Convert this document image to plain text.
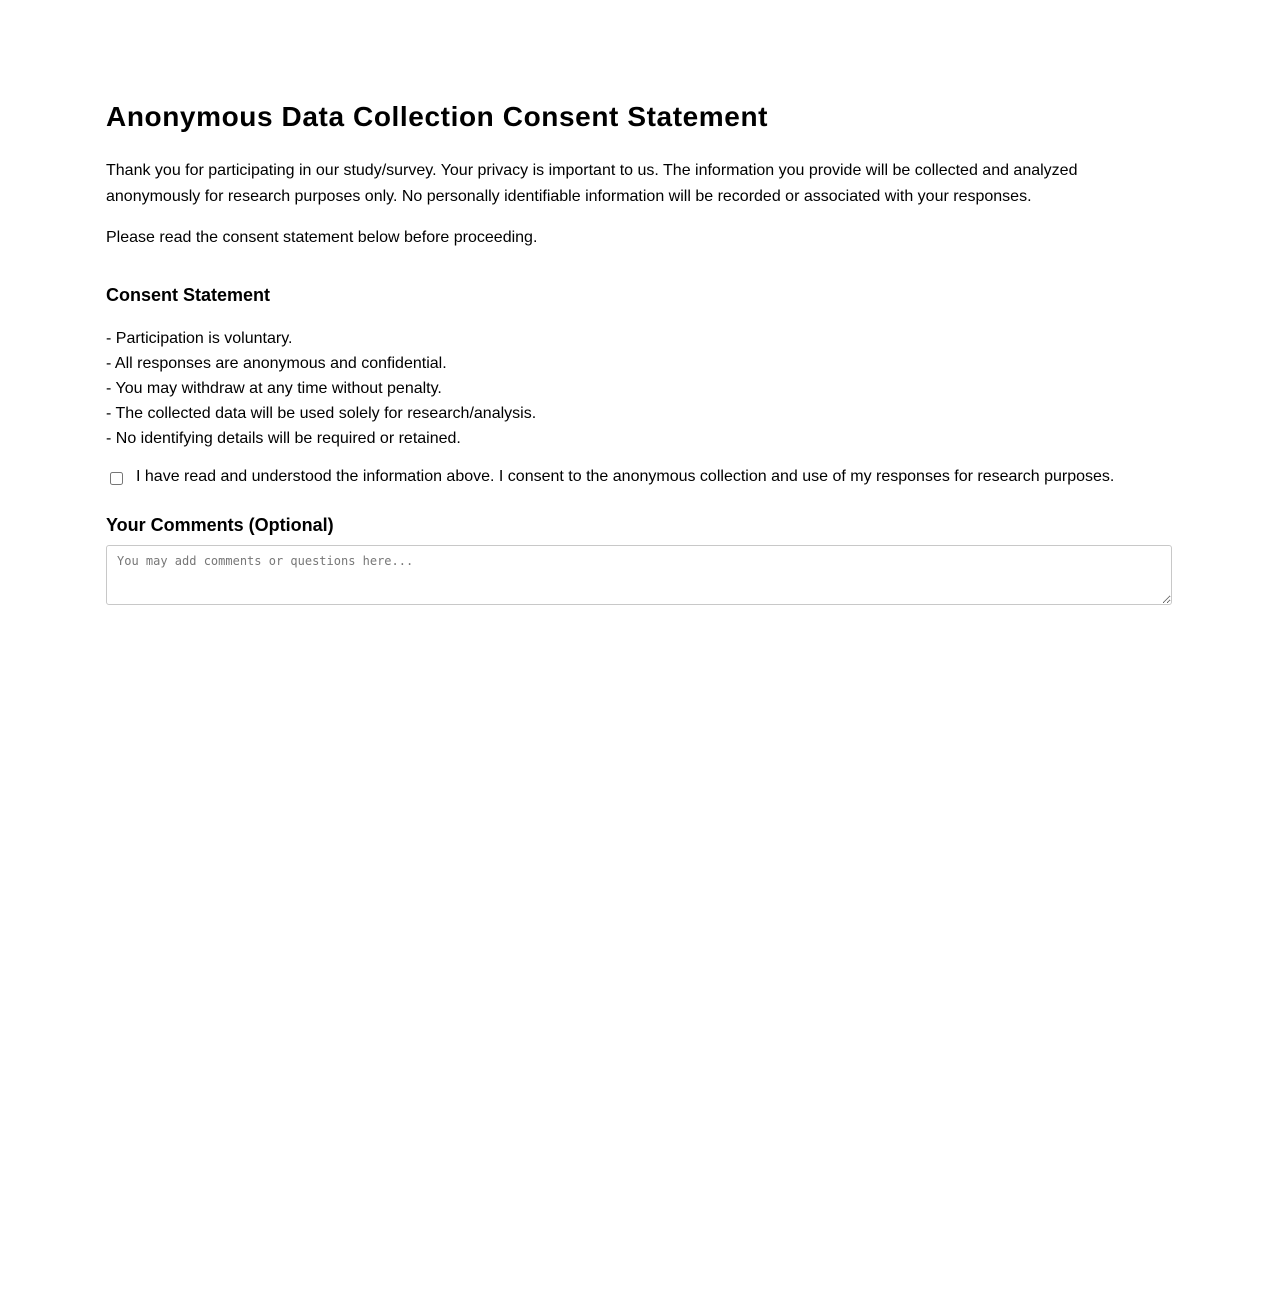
Anonymous Data Collection Consent Statement

Thank you for participating in our study/survey. Your privacy is important to us. The information you provide will be collected and analyzed anonymously for research purposes only. No personally identifiable information will be recorded or associated with your responses.

Please read the consent statement below before proceeding.

Consent Statement
- Participation is voluntary.
- All responses are anonymous and confidential.
- You may withdraw at any time without penalty.
- The collected data will be used solely for research/analysis.
- No identifying details will be required or retained.
I have read and understood the information above. I consent to the anonymous collection and use of my responses for research purposes.
Your Comments (Optional)
You may add comments or questions here...
